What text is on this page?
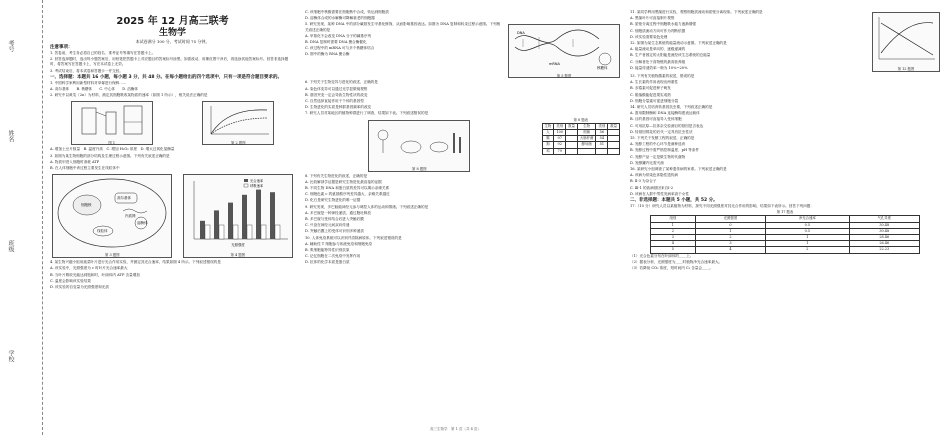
考号
姓名
班级
学校
2025 年 12 月高三联考
生物学
本试卷满分 100 分，考试时间 75 分钟。
注意事项：

1. 答卷前，考生务必将自己的姓名、准考证号等填写在答题卡上。

2. 回答选择题时，选出每小题答案后，用铅笔把答题卡上对应题目的答案标号涂黑。如需改动，用橡皮擦干净后，再选涂其他答案标号。回答非选择题时，将答案写在答题卡上，写在本试卷上无效。

3. 考试结束后，将本试卷和答题卡一并交回。

一、选择题：本题共 16 小题，每小题 3 分，共 48 分。在每小题给出的四个选项中，只有一项是符合题目要求的。

1. 中国科学家利用新型材料对草莓进行保鲜……

A. 高尔基体　　B. 核糖体　　C. 中心体　　D. 溶酶体

2. 研究中以黄瓜（2n）为材料，测定其细胞吸收某物质的速率（如图 1 所示），相关说法正确的是

图 1	第 2 题图

A. 增加土豆片数量　B. 温度升高　C. 增加 H₂O₂ 浓度　D. 增大过氧化氢酶量

3. 如图为某生物细胞的部分结构及生理过程示意图。下列有关叙述正确的是

A. 物质甲进入细胞时消耗 ATP

B. 在人体细胞中该过程主要发生在线粒体中

细胞核
高尔基体
溶酶体
线粒体
内质网
第 3 题图
光合速率
呼吸速率
光照强度
第 4 题图

4. 某生物兴趣小组用菠菜叶片进行光合作用实验，并测定其光合速率，结果如图 4 所示。下列叙述错误的是

A. 该实验中，光照强度为 c 时叶片光合速率最大

B. 当叶片吸收光能达到饱和时，叶绿体内 ATP 含量增加

C. 温度会影响该实验结果

D. 该实验的自变量为光照强度和光质

C. 该细胞中核酸需要在细胞核中合成，转运到细胞质

D. 溶酶体合成的水解酶可降解衰老的细胞器

5. 研究发现，某种 DNA 中的部分碱基发生甲基化修饰，从而影响基因表达。如图为 DNA 复制和转录过程示意图。下列相关叙述正确的是

A. 甲基化不会改变 DNA 分子的碱基序列

B. DNA 复制时需要 DNA 聚合酶催化

C. 该过程中的 mRNA 可与多个核糖体结合

D. 图中的酶为 RNA 聚合酶

DNA
mRNA
核糖体
第 5 题图

6. 下列关于生物变异与进化的叙述，正确的是

A. 染色体变异可以通过光学显微镜观察

B. 基因突变一定会导致生物性状的改变

C. 自然选择直接作用于个体的基因型

D. 生物进化的实质是种群基因频率的改变

7. 研究人员对某地区的植物种群进行了调查，结果如下表。下列叙述错误的是

第 8 题图
第 8 题表
生物	类别	数量	生物	类别	数量
人	100		细菌	56	
猴	97		大肠杆菌	54	
狗	92		酵母菌	51	
鸡	79				

8. 下列有关生物进化的叙述，正确的是

A. 比较解剖学证据是研究生物进化最直接的证据

B. 不同生物 DNA 和蛋白质的差异可以揭示亲缘关系

C. 细胞色素 c 的氨基酸序列差异越大，亲缘关系越近

D. 化石是研究生物进化的唯一证据

9. 研究发现，多巴胺能神经元参与调控人体的运动和情绪。下列叙述正确的是

A. 多巴胺是一种神经递质，通过胞吐释放

B. 多巴胺与受体结合后进入突触后膜

C. 兴奋在神经元间双向传递

D. 突触后膜上的受体可识别多种递质

10. 人体免疫系统可以识别并清除病原体。下列叙述错误的是

A. 辅助性 T 细胞参与体液免疫和细胞免疫

B. 浆细胞能特异性识别抗原

C. 记忆细胞在二次免疫中发挥作用

D. 抗体的化学本质是蛋白质

11. 某同学利用黑藻进行实验，观察细胞质流动和质壁分离现象。下列叙述正确的是

A. 黑藻叶片可直接制片观察

B. 质壁分离过程中细胞吸水能力逐渐增强

C. 细胞质流动方向可作为判断依据

D. 该实验需要染色处理

12. 如图为某生态系统的能量流动示意图。下列叙述正确的是

A. 能量流动是单向的、逐级递减的

B. 生产者固定的太阳能是流经该生态系统的总能量

C. 分解者处于食物链的最高营养级

D. 能量传递效率一般为 10%~20%	第 12 题图

13. 下列有关植物激素的叙述，错误的是

A. 生长素的作用表现出两重性

B. 赤霉素可促进种子萌发

C. 脱落酸能促进果实成熟

D. 细胞分裂素可促进细胞分裂

14. 研究人员培育转基因抗虫棉，下列叙述正确的是

A. 需用限制酶和 DNA 连接酶构建表达载体

B. 目的基因可直接导入受体细胞

C. 可用抗原—抗体杂交检测目的基因是否表达

D. 转基因棉花的后代一定具有抗虫性状

15. 下列关于发酵工程的叙述，正确的是

A. 发酵工程的中心环节是菌种选育

B. 发酵过程中需严格控制温度、pH 等条件

C. 发酵产品一定是微生物的代谢物

D. 发酵罐内无需灭菌

16. 某研究小组调查了某种遗传病的家系。下列叙述正确的是

A. 该病为常染色体隐性遗传病

B. Ⅱ-3 为杂合子

C. Ⅲ-1 的致病基因来自Ⅰ-2

D. 该病在人群中男性发病率高于女性

二、非选择题：本题共 5 小题，共 52 分。

17.（10 分）研究人员以某植物为材料，探究不同光照强度对其光合作用的影响，结果如下表所示。回答下列问题：

第 17 题表
组别	光照强度	净光合速率	气孔导度
1	0	0.5	30.48
2	1	0.5	30.48
3	2	1	28.46
4	3	1	26.46
5	4	2	22.23

（1）光合色素分布在叶绿体的____上。

（2）据表分析，光照强度为____时植物净光合速率最大。

（3）若降低 CO₂ 浓度，短时间内 C₃ 含量会____。

高三生物学　第 1 页（共 4 页）
